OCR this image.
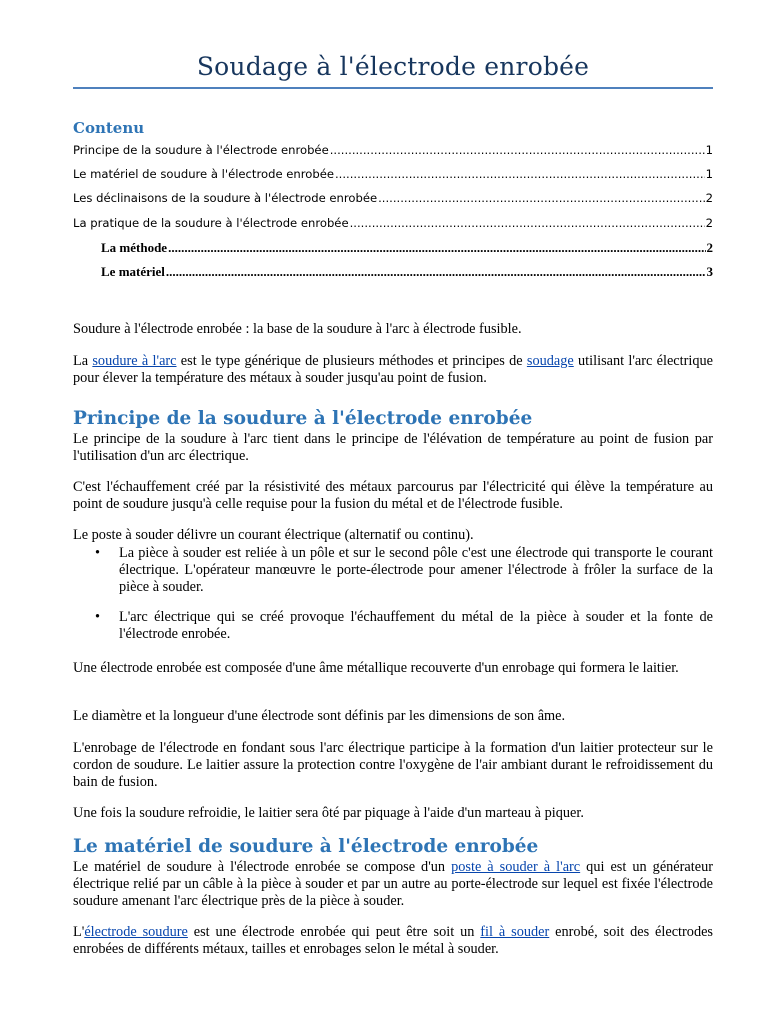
Soudage à l'électrode enrobée
Contenu
Principe de la soudure à l'électrode enrobée .....	1
Le matériel de soudure à l'électrode enrobée .....	1
Les déclinaisons de la soudure à l'électrode enrobée .....	2
La pratique de la soudure à l'électrode enrobée .....	2
La méthode .....	2
Le matériel .....	3

Soudure à l'électrode enrobée : la base de la soudure à l'arc à électrode fusible.

La soudure à l'arc est le type générique de plusieurs méthodes et principes de soudage utilisant l'arc électrique pour élever la température des métaux à souder jusqu'au point de fusion.

Principe de la soudure à l'électrode enrobée

Le principe de la soudure à l'arc tient dans le principe de l'élévation de température au point de fusion par l'utilisation d'un arc électrique.

C'est l'échauffement créé par la résistivité des métaux parcourus par l'électricité qui élève la température au point de soudure jusqu'à celle requise pour la fusion du métal et de l'électrode fusible.

Le poste à souder délivre un courant électrique (alternatif ou continu).

• La pièce à souder est reliée à un pôle et sur le second pôle c'est une électrode qui transporte le courant électrique. L'opérateur manœuvre le porte-électrode pour amener l'électrode à frôler la surface de la pièce à souder.

• L'arc électrique qui se créé provoque l'échauffement du métal de la pièce à souder et la fonte de l'électrode enrobée.

Une électrode enrobée est composée d'une âme métallique recouverte d'un enrobage qui formera le laitier.

Le diamètre et la longueur d'une électrode sont définis par les dimensions de son âme.

L'enrobage de l'électrode en fondant sous l'arc électrique participe à la formation d'un laitier protecteur sur le cordon de soudure. Le laitier assure la protection contre l'oxygène de l'air ambiant durant le refroidissement du bain de fusion.

Une fois la soudure refroidie, le laitier sera ôté par piquage à l'aide d'un marteau à piquer.

Le matériel de soudure à l'électrode enrobée

Le matériel de soudure à l'électrode enrobée se compose d'un poste à souder à l'arc qui est un générateur électrique relié par un câble à la pièce à souder et par un autre au porte-électrode sur lequel est fixée l'électrode soudure amenant l'arc électrique près de la pièce à souder.

L'électrode soudure est une électrode enrobée qui peut être soit un fil à souder enrobé, soit des électrodes enrobées de différents métaux, tailles et enrobages selon le métal à souder.
